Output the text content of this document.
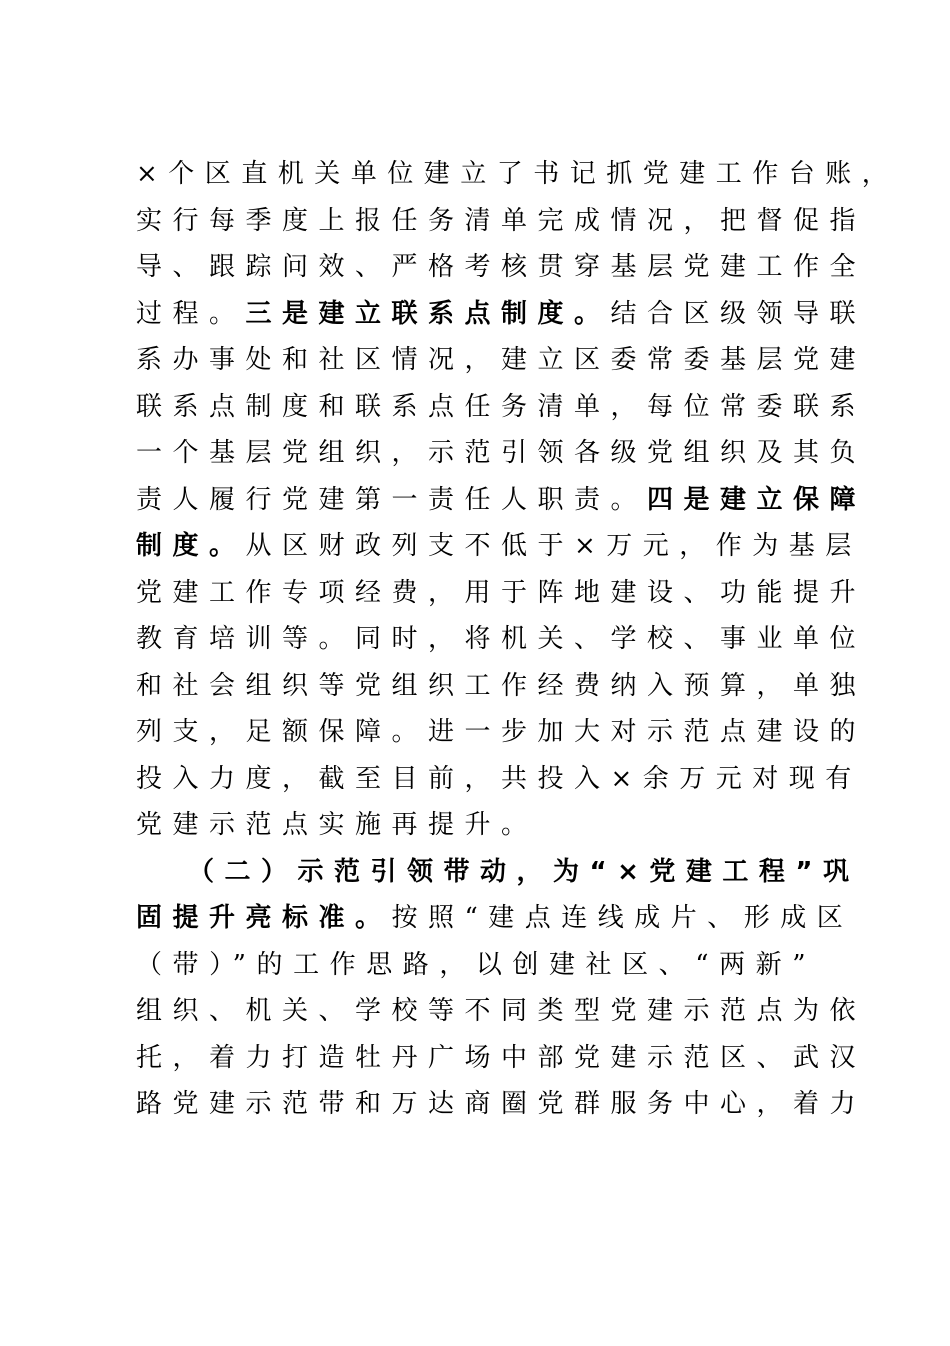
×个区直机关单位建立了书记抓党建工作台账，
实行每季度上报任务清单完成情况，把督促指
导、跟踪问效、严格考核贯穿基层党建工作全
过程。三是建立联系点制度。结合区级领导联
系办事处和社区情况，建立区委常委基层党建
联系点制度和联系点任务清单，每位常委联系
一个基层党组织，示范引领各级党组织及其负
责人履行党建第一责任人职责。四是建立保障
制度。从区财政列支不低于×万元，作为基层
党建工作专项经费，用于阵地建设、功能提升
教育培训等。同时，将机关、学校、事业单位
和社会组织等党组织工作经费纳入预算，单独
列支，足额保障。进一步加大对示范点建设的
投入力度，截至目前，共投入×余万元对现有
党建示范点实施再提升。
（二）示范引领带动，为“×党建工程”巩
固提升亮标准。按照“建点连线成片、形成区
（带）”的工作思路，以创建社区、“两新”
组织、机关、学校等不同类型党建示范点为依
托，着力打造牡丹广场中部党建示范区、武汉
路党建示范带和万达商圈党群服务中心，着力
